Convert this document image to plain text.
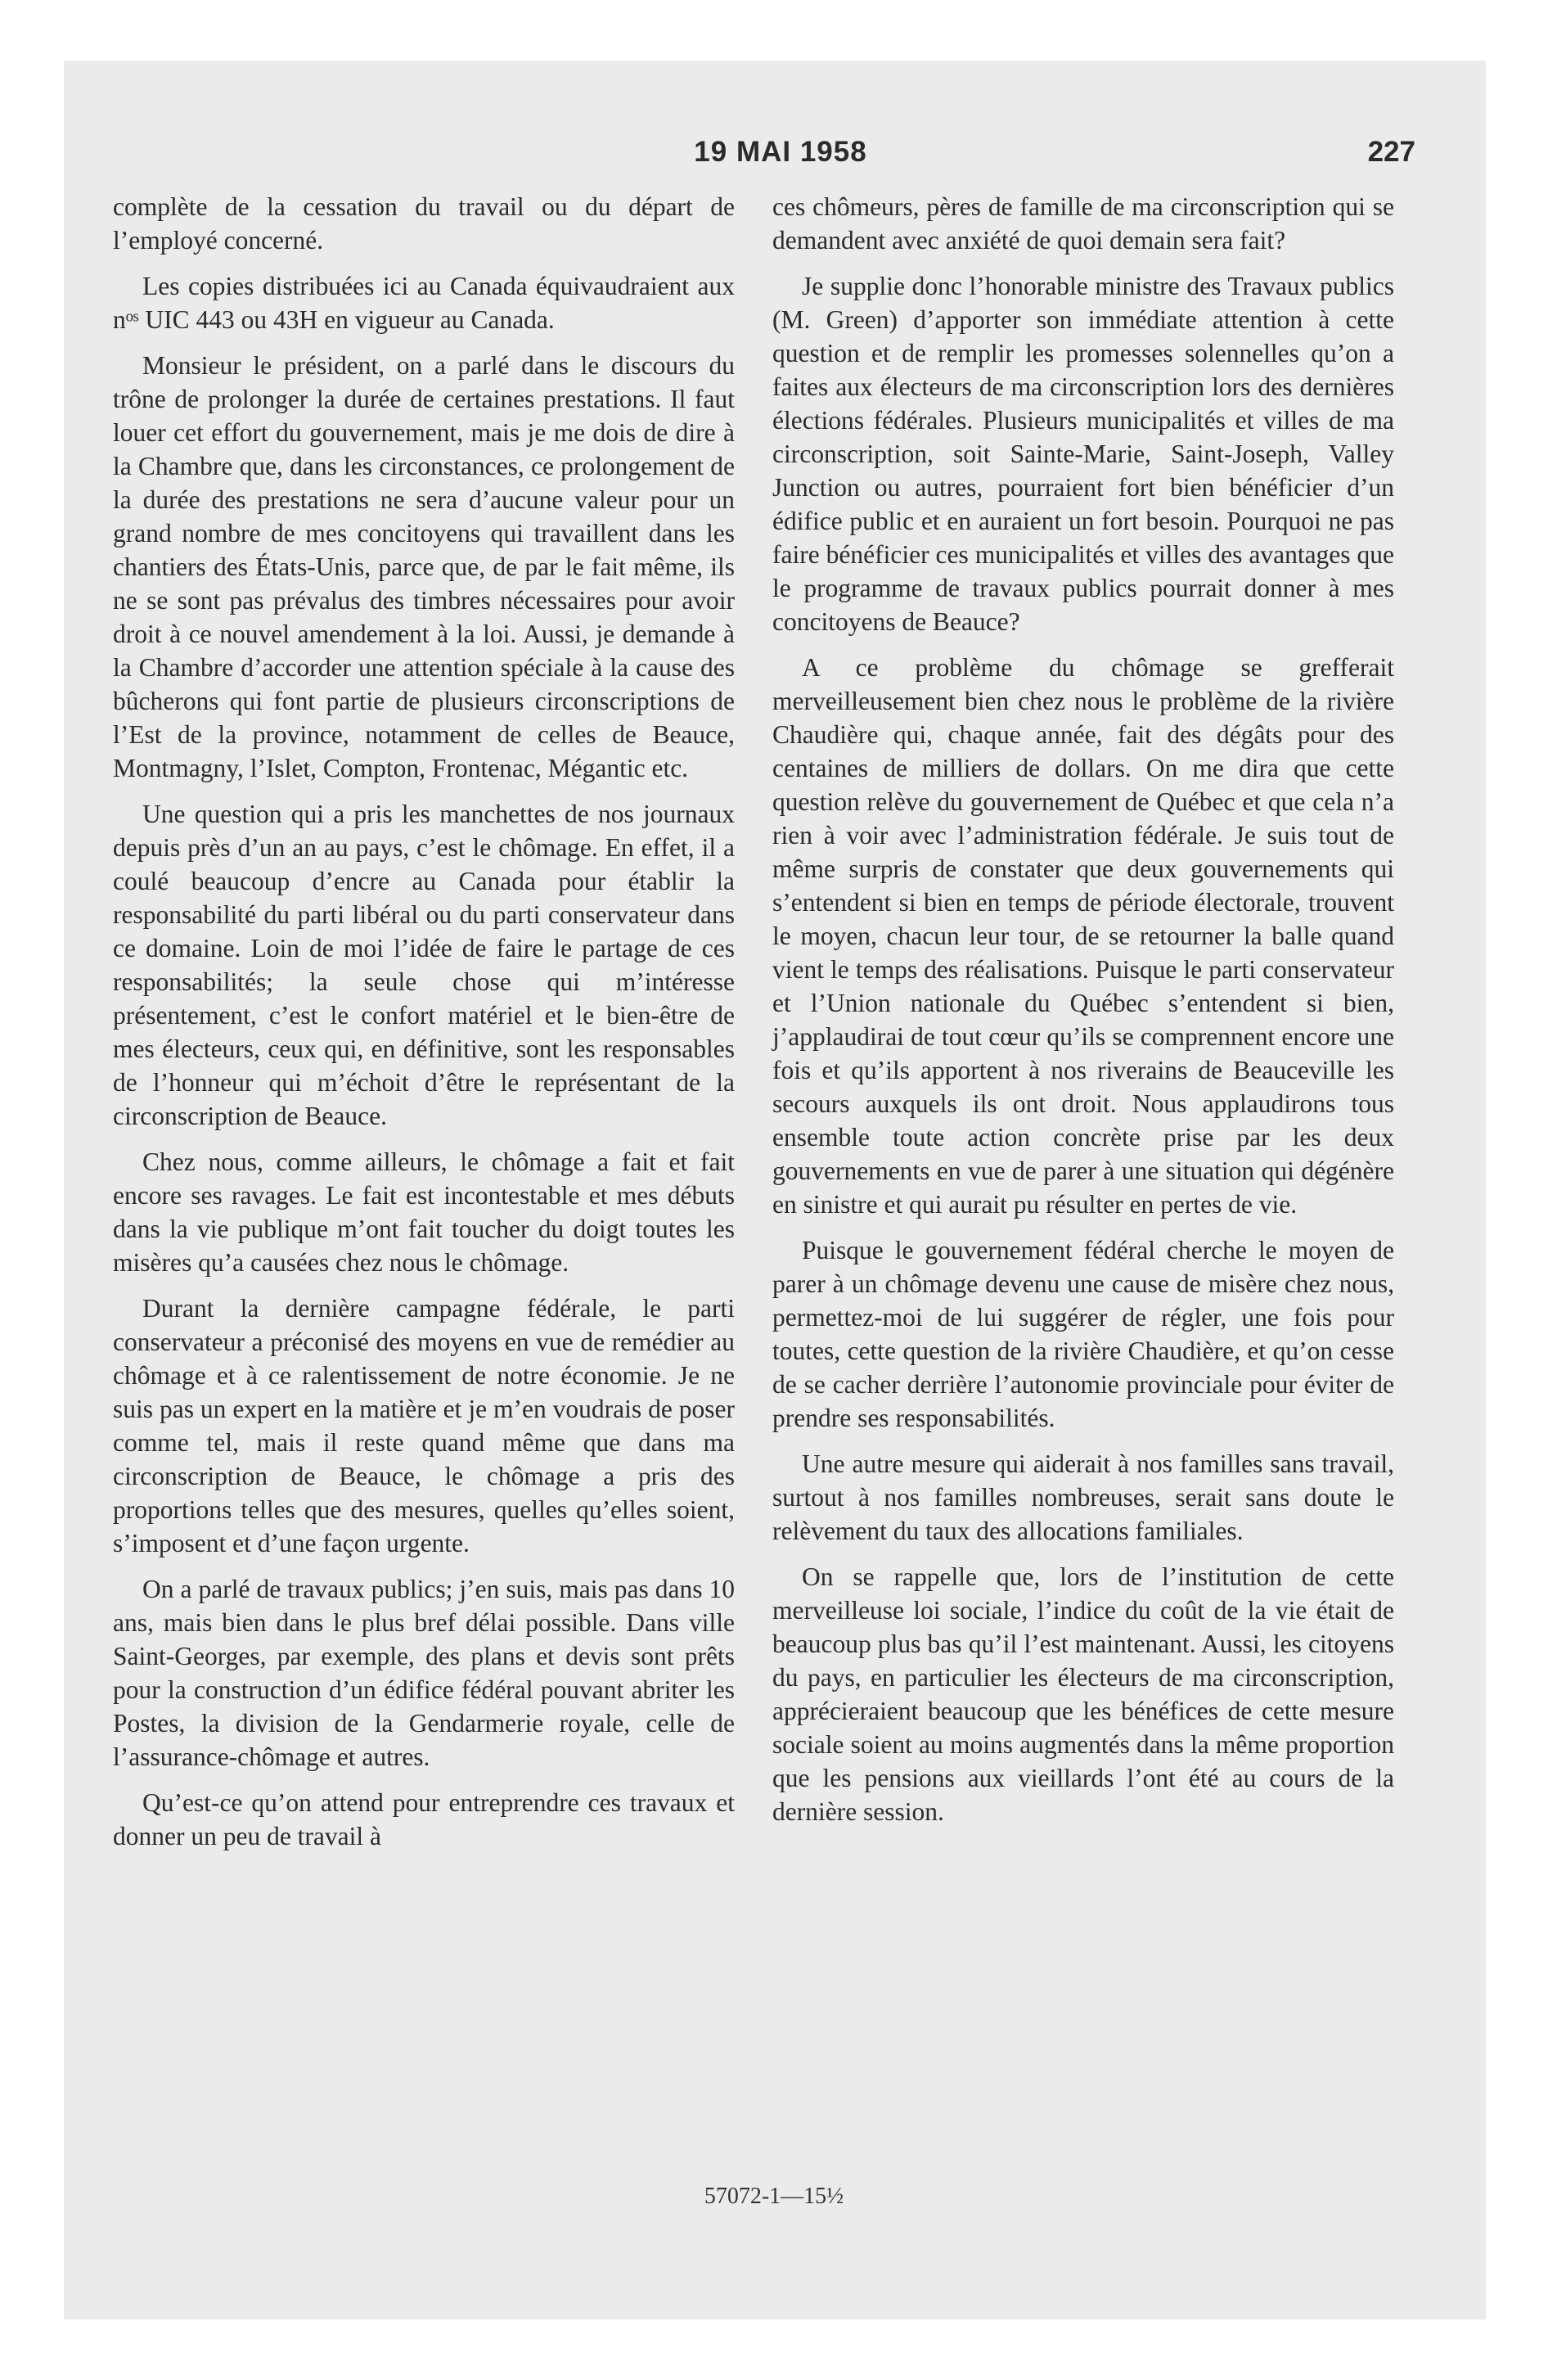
19 MAI 1958	227

complète de la cessation du travail ou du départ de l’employé concerné.

Les copies distribuées ici au Canada équivaudraient aux nᵒˢ UIC 443 ou 43H en vigueur au Canada.

Monsieur le président, on a parlé dans le discours du trône de prolonger la durée de certaines prestations. Il faut louer cet effort du gouvernement, mais je me dois de dire à la Chambre que, dans les circonstances, ce prolongement de la durée des prestations ne sera d’aucune valeur pour un grand nombre de mes concitoyens qui travaillent dans les chantiers des États-Unis, parce que, de par le fait même, ils ne se sont pas prévalus des timbres nécessaires pour avoir droit à ce nouvel amendement à la loi. Aussi, je demande à la Chambre d’accorder une attention spéciale à la cause des bûcherons qui font partie de plusieurs circonscriptions de l’Est de la province, notamment de celles de Beauce, Montmagny, l’Islet, Compton, Frontenac, Mégantic etc.

Une question qui a pris les manchettes de nos journaux depuis près d’un an au pays, c’est le chômage. En effet, il a coulé beaucoup d’encre au Canada pour établir la responsabilité du parti libéral ou du parti conservateur dans ce domaine. Loin de moi l’idée de faire le partage de ces responsabilités; la seule chose qui m’intéresse présentement, c’est le confort matériel et le bien-être de mes électeurs, ceux qui, en définitive, sont les responsables de l’honneur qui m’échoit d’être le représentant de la circonscription de Beauce.

Chez nous, comme ailleurs, le chômage a fait et fait encore ses ravages. Le fait est incontestable et mes débuts dans la vie publique m’ont fait toucher du doigt toutes les misères qu’a causées chez nous le chômage.

Durant la dernière campagne fédérale, le parti conservateur a préconisé des moyens en vue de remédier au chômage et à ce ralentissement de notre économie. Je ne suis pas un expert en la matière et je m’en voudrais de poser comme tel, mais il reste quand même que dans ma circonscription de Beauce, le chômage a pris des proportions telles que des mesures, quelles qu’elles soient, s’imposent et d’une façon urgente.

On a parlé de travaux publics; j’en suis, mais pas dans 10 ans, mais bien dans le plus bref délai possible. Dans ville Saint-Georges, par exemple, des plans et devis sont prêts pour la construction d’un édifice fédéral pouvant abriter les Postes, la division de la Gendarmerie royale, celle de l’assurance-chômage et autres.

Qu’est-ce qu’on attend pour entreprendre ces travaux et donner un peu de travail à

ces chômeurs, pères de famille de ma circonscription qui se demandent avec anxiété de quoi demain sera fait?

Je supplie donc l’honorable ministre des Travaux publics (M. Green) d’apporter son immédiate attention à cette question et de remplir les promesses solennelles qu’on a faites aux électeurs de ma circonscription lors des dernières élections fédérales. Plusieurs municipalités et villes de ma circonscription, soit Sainte-Marie, Saint-Joseph, Valley Junction ou autres, pourraient fort bien bénéficier d’un édifice public et en auraient un fort besoin. Pourquoi ne pas faire bénéficier ces municipalités et villes des avantages que le programme de travaux publics pourrait donner à mes concitoyens de Beauce?

A ce problème du chômage se grefferait merveilleusement bien chez nous le problème de la rivière Chaudière qui, chaque année, fait des dégâts pour des centaines de milliers de dollars. On me dira que cette question relève du gouvernement de Québec et que cela n’a rien à voir avec l’administration fédérale. Je suis tout de même surpris de constater que deux gouvernements qui s’entendent si bien en temps de période électorale, trouvent le moyen, chacun leur tour, de se retourner la balle quand vient le temps des réalisations. Puisque le parti conservateur et l’Union nationale du Québec s’entendent si bien, j’applaudirai de tout cœur qu’ils se comprennent encore une fois et qu’ils apportent à nos riverains de Beauceville les secours auxquels ils ont droit. Nous applaudirons tous ensemble toute action concrète prise par les deux gouvernements en vue de parer à une situation qui dégénère en sinistre et qui aurait pu résulter en pertes de vie.

Puisque le gouvernement fédéral cherche le moyen de parer à un chômage devenu une cause de misère chez nous, permettez-moi de lui suggérer de régler, une fois pour toutes, cette question de la rivière Chaudière, et qu’on cesse de se cacher derrière l’autonomie provinciale pour éviter de prendre ses responsabilités.

Une autre mesure qui aiderait à nos familles sans travail, surtout à nos familles nombreuses, serait sans doute le relèvement du taux des allocations familiales.

On se rappelle que, lors de l’institution de cette merveilleuse loi sociale, l’indice du coût de la vie était de beaucoup plus bas qu’il l’est maintenant. Aussi, les citoyens du pays, en particulier les électeurs de ma circonscription, apprécieraient beaucoup que les bénéfices de cette mesure sociale soient au moins augmentés dans la même proportion que les pensions aux vieillards l’ont été au cours de la dernière session.

57072-1—15½
